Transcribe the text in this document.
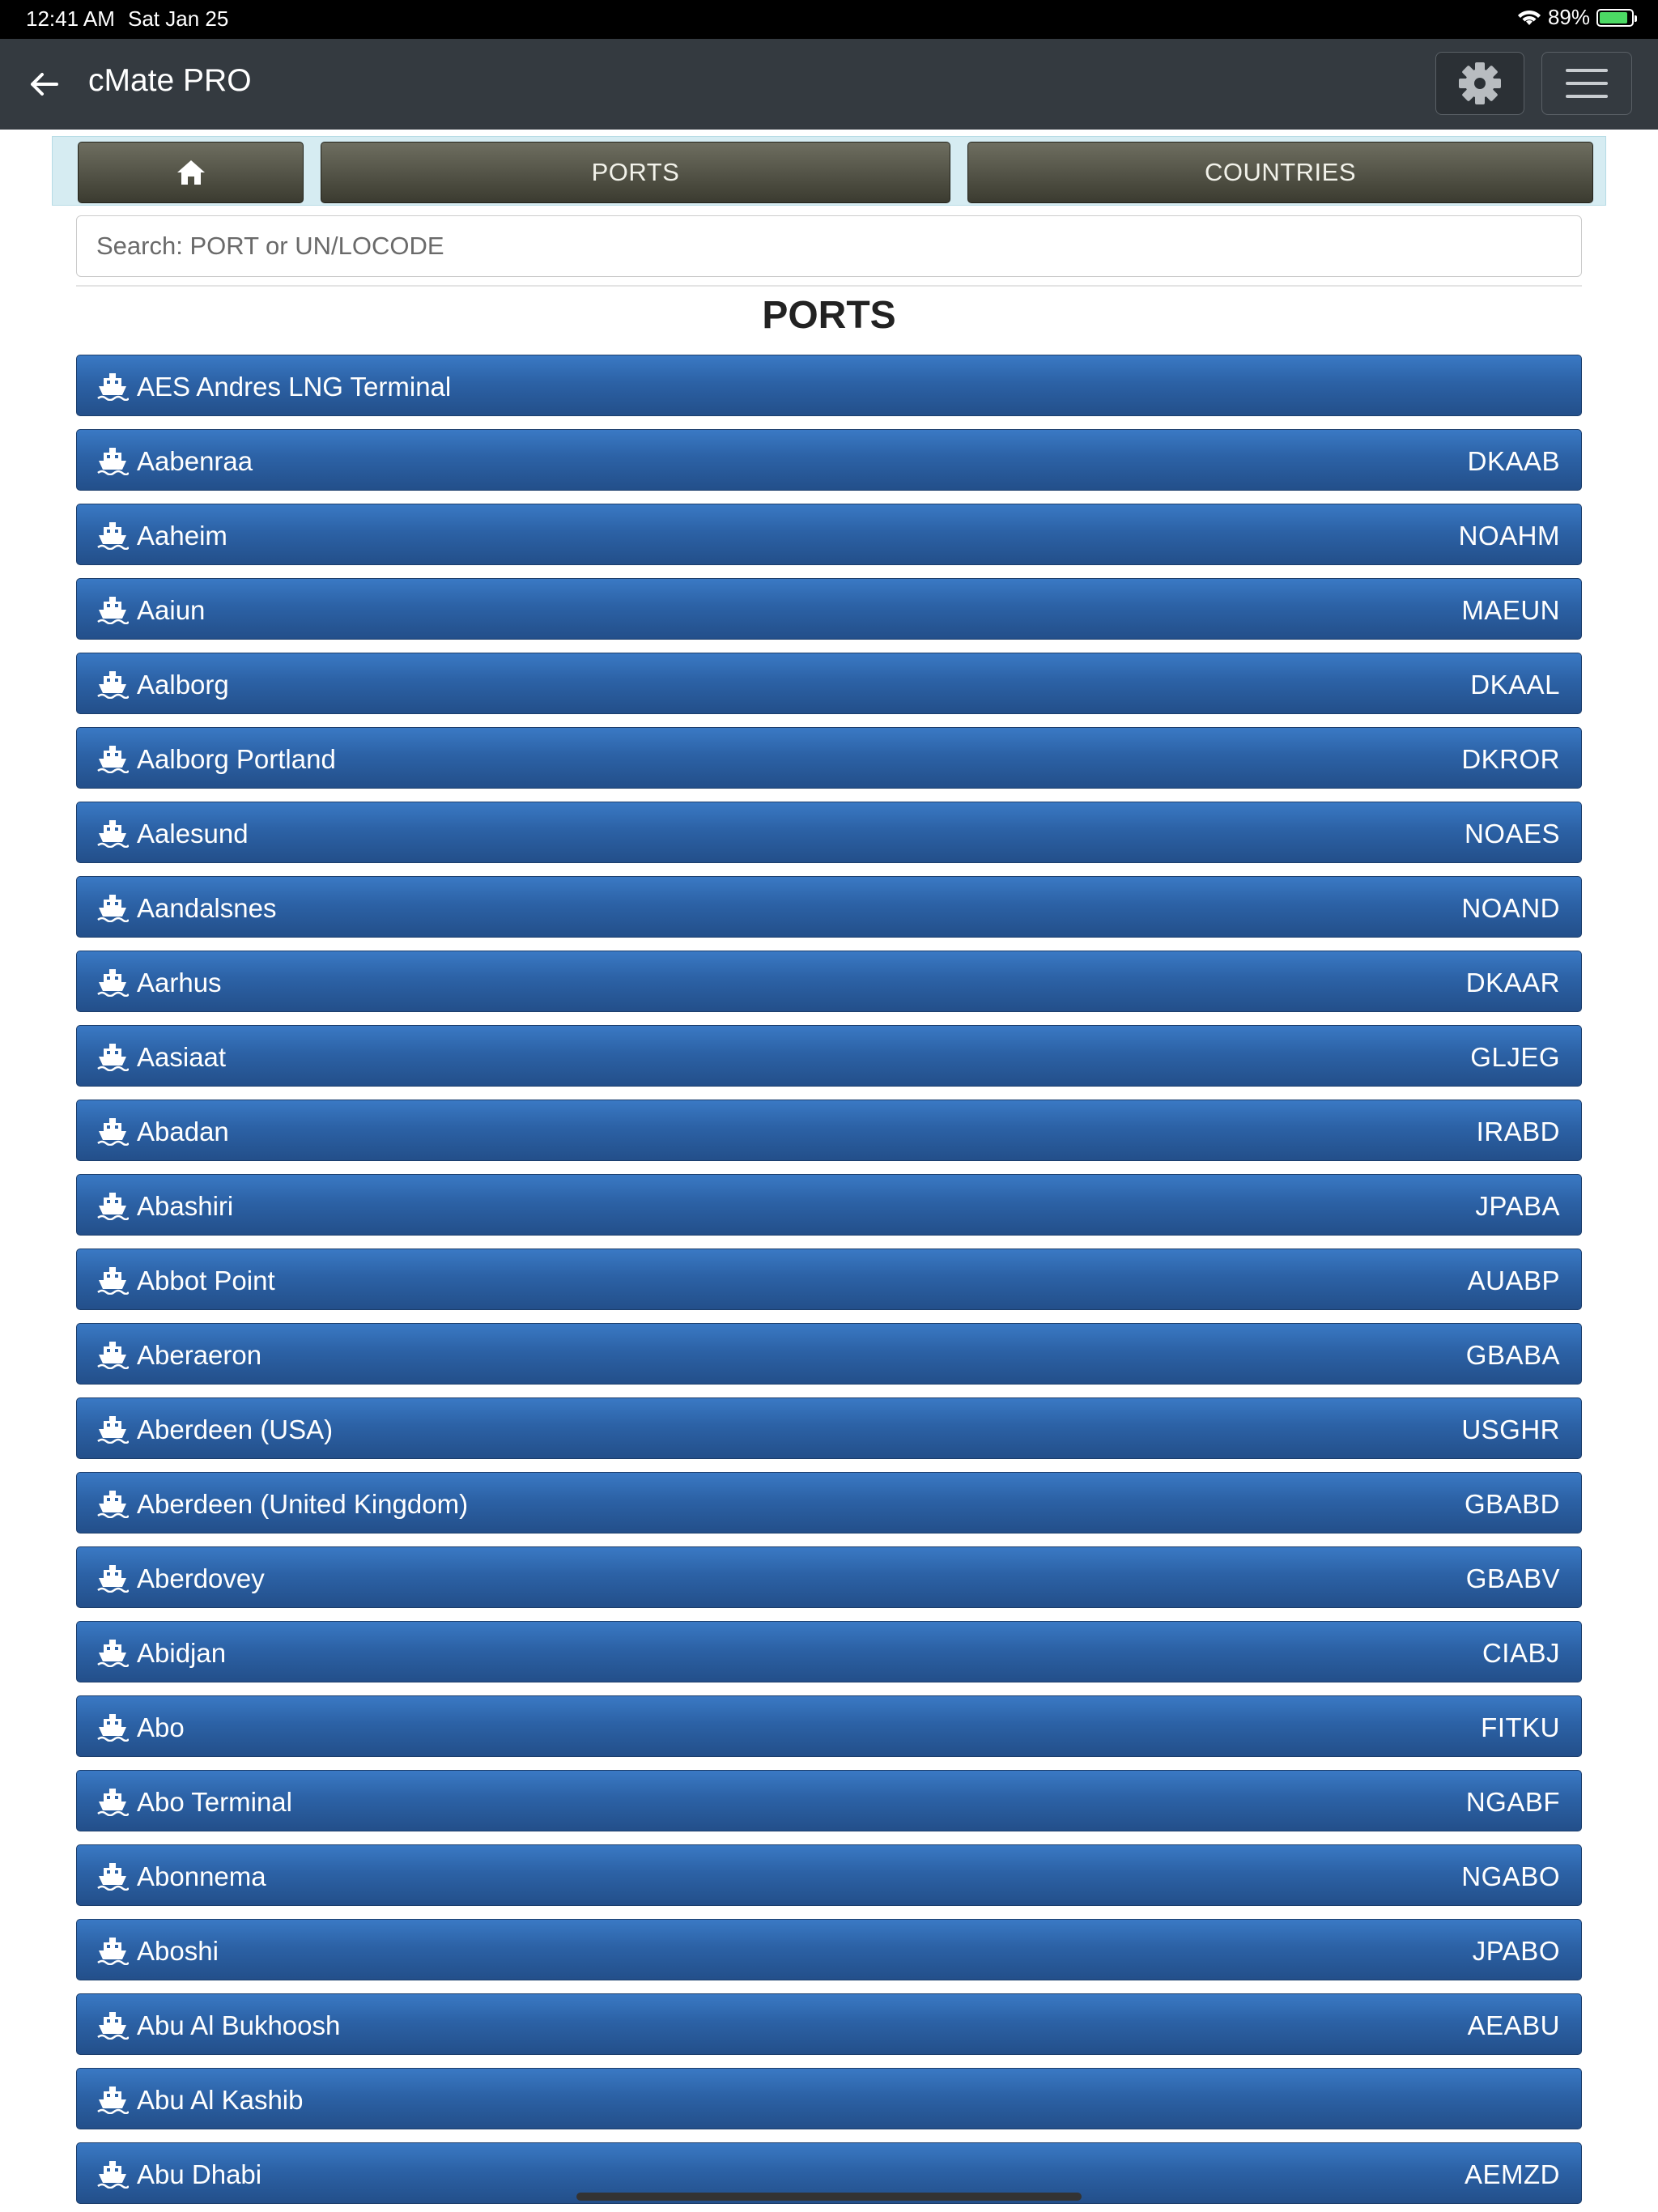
12:41 AM Sat Jan 25	89%
cMate PRO
PORTS	COUNTRIES
Search: PORT or UN/LOCODE
PORTS
AES Andres LNG Terminal
Aabenraa	DKAAB
Aaheim	NOAHM
Aaiun	MAEUN
Aalborg	DKAAL
Aalborg Portland	DKROR
Aalesund	NOAES
Aandalsnes	NOAND
Aarhus	DKAAR
Aasiaat	GLJEG
Abadan	IRABD
Abashiri	JPABA
Abbot Point	AUABP
Aberaeron	GBABA
Aberdeen (USA)	USGHR
Aberdeen (United Kingdom)	GBABD
Aberdovey	GBABV
Abidjan	CIABJ
Abo	FITKU
Abo Terminal	NGABF
Abonnema	NGABO
Aboshi	JPABO
Abu Al Bukhoosh	AEABU
Abu Al Kashib
Abu Dhabi	AEMZD
